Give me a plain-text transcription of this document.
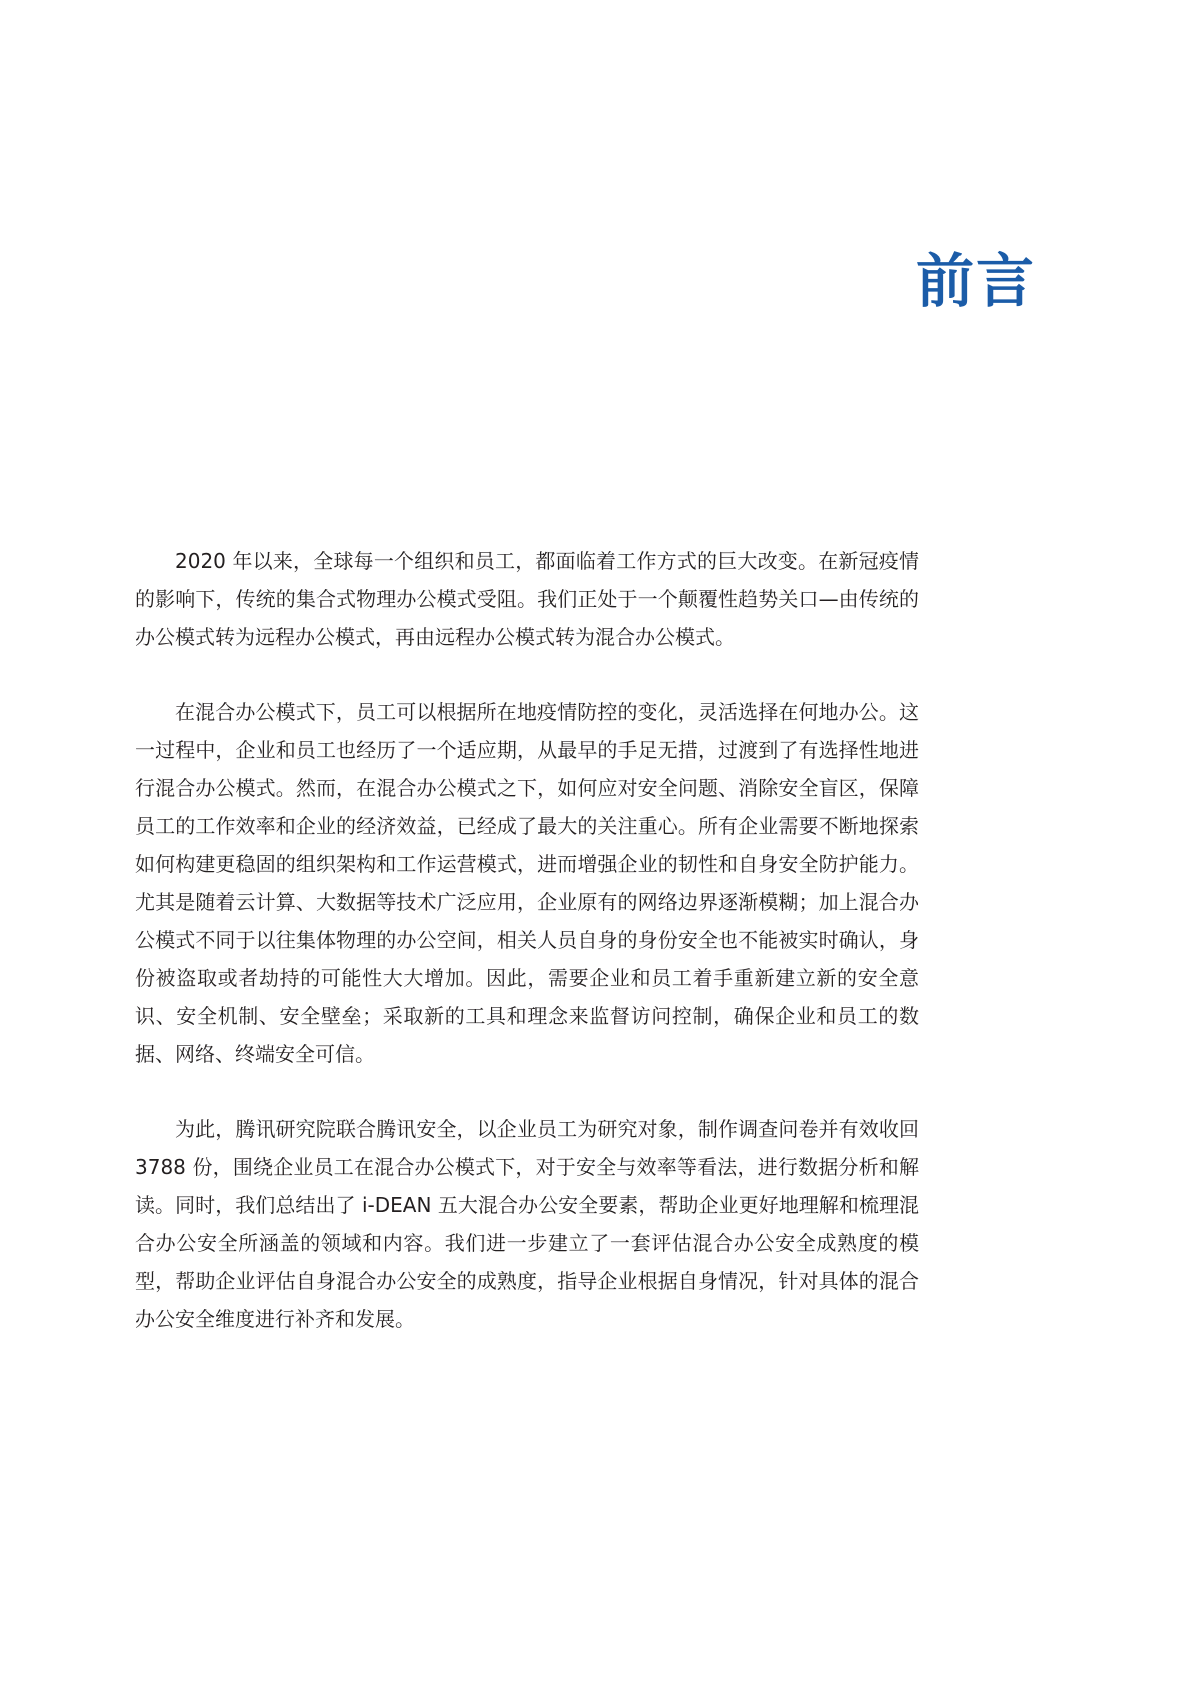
前言

2020 年以来，全球每一个组织和员工，都面临着工作方式的巨大改变。在新冠疫情的影响下，传统的集合式物理办公模式受阻。我们正处于一个颠覆性趋势关口—由传统的办公模式转为远程办公模式，再由远程办公模式转为混合办公模式。

在混合办公模式下，员工可以根据所在地疫情防控的变化，灵活选择在何地办公。这一过程中，企业和员工也经历了一个适应期，从最早的手足无措，过渡到了有选择性地进行混合办公模式。然而，在混合办公模式之下，如何应对安全问题、消除安全盲区，保障员工的工作效率和企业的经济效益，已经成了最大的关注重心。所有企业需要不断地探索如何构建更稳固的组织架构和工作运营模式，进而增强企业的韧性和自身安全防护能力。尤其是随着云计算、大数据等技术广泛应用，企业原有的网络边界逐渐模糊；加上混合办公模式不同于以往集体物理的办公空间，相关人员自身的身份安全也不能被实时确认，身份被盗取或者劫持的可能性大大增加。因此，需要企业和员工着手重新建立新的安全意识、安全机制、安全壁垒；采取新的工具和理念来监督访问控制，确保企业和员工的数据、网络、终端安全可信。

为此，腾讯研究院联合腾讯安全，以企业员工为研究对象，制作调查问卷并有效收回 3788 份，围绕企业员工在混合办公模式下，对于安全与效率等看法，进行数据分析和解读。同时，我们总结出了 i-DEAN 五大混合办公安全要素，帮助企业更好地理解和梳理混合办公安全所涵盖的领域和内容。我们进一步建立了一套评估混合办公安全成熟度的模型，帮助企业评估自身混合办公安全的成熟度，指导企业根据自身情况，针对具体的混合办公安全维度进行补齐和发展。
